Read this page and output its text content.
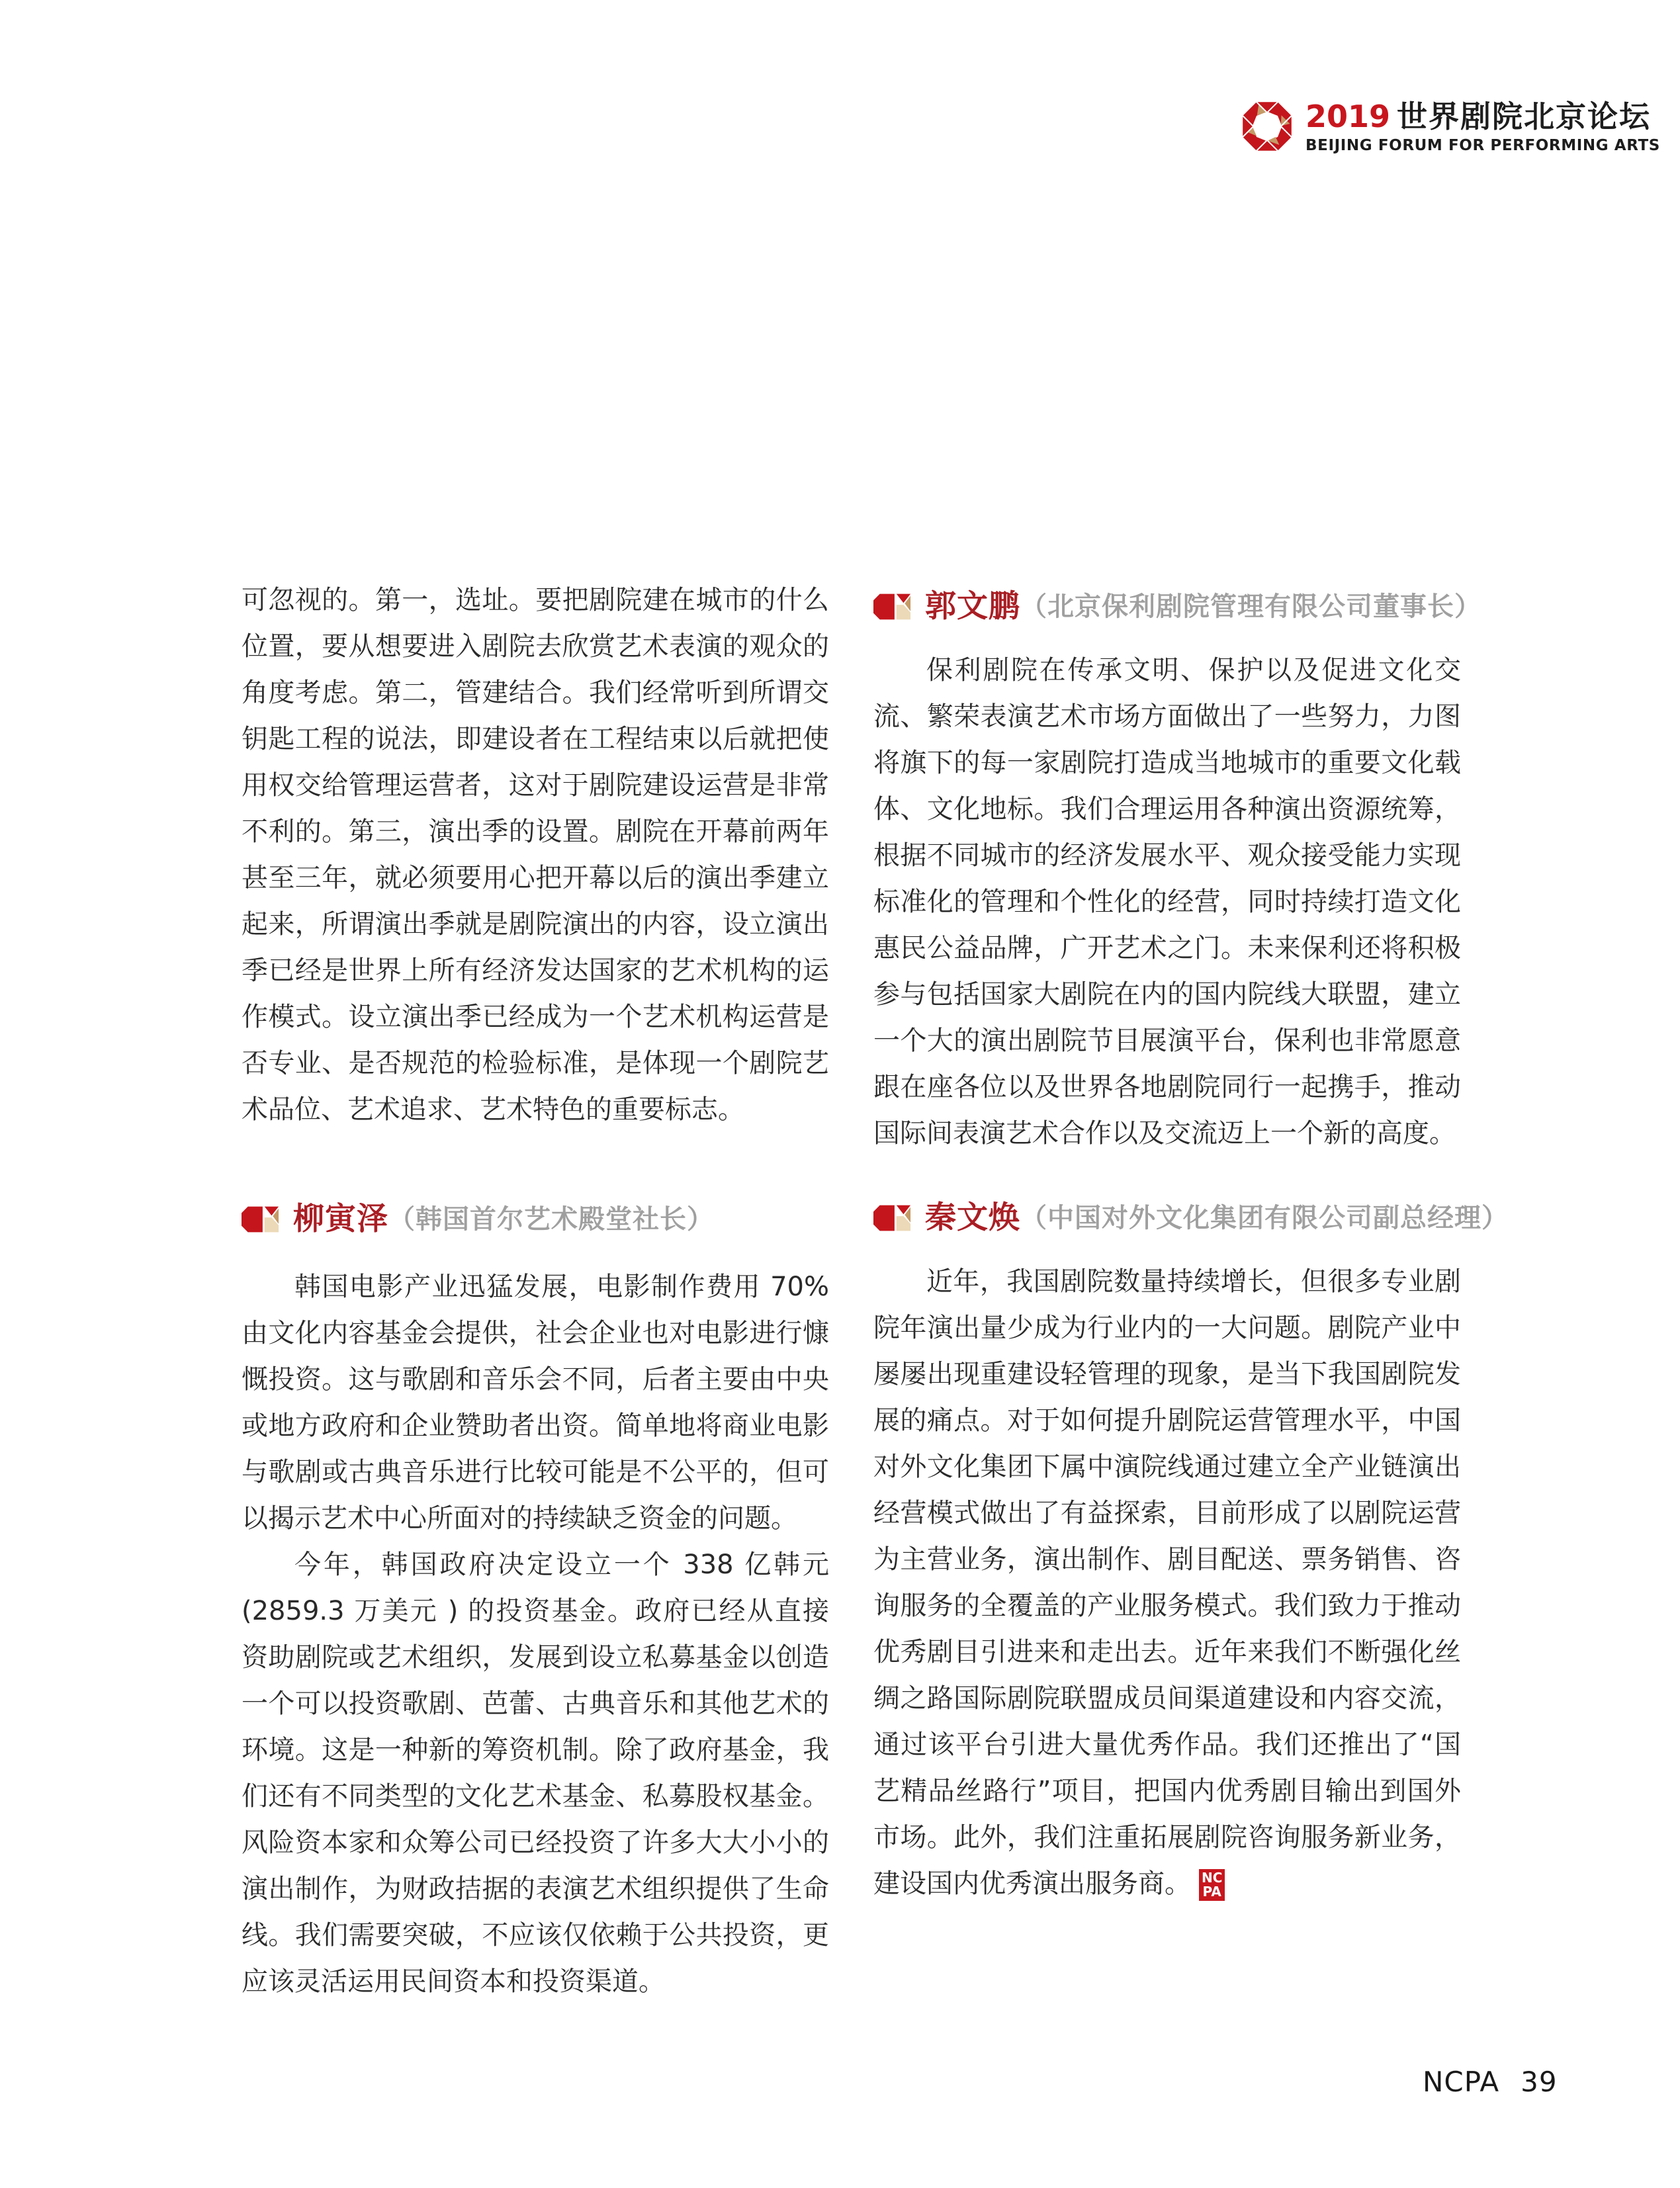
2019 世界剧院北京论坛
BEIJING FORUM FOR PERFORMING ARTS

可忽视的。第一，选址。要把剧院建在城市的什么位置，要从想要进入剧院去欣赏艺术表演的观众的角度考虑。第二，管建结合。我们经常听到所谓交钥匙工程的说法，即建设者在工程结束以后就把使用权交给管理运营者，这对于剧院建设运营是非常不利的。第三，演出季的设置。剧院在开幕前两年甚至三年，就必须要用心把开幕以后的演出季建立起来，所谓演出季就是剧院演出的内容，设立演出季已经是世界上所有经济发达国家的艺术机构的运作模式。设立演出季已经成为一个艺术机构运营是否专业、是否规范的检验标准，是体现一个剧院艺术品位、艺术追求、艺术特色的重要标志。

柳寅泽 （韩国首尔艺术殿堂社长）

韩国电影产业迅猛发展，电影制作费用 70% 由文化内容基金会提供，社会企业也对电影进行慷慨投资。这与歌剧和音乐会不同，后者主要由中央或地方政府和企业赞助者出资。简单地将商业电影与歌剧或古典音乐进行比较可能是不公平的，但可以揭示艺术中心所面对的持续缺乏资金的问题。

今年，韩国政府决定设立一个 338 亿韩元 (2859.3 万美元 ) 的投资基金。政府已经从直接资助剧院或艺术组织，发展到设立私募基金以创造一个可以投资歌剧、芭蕾、古典音乐和其他艺术的环境。这是一种新的筹资机制。除了政府基金，我们还有不同类型的文化艺术基金、私募股权基金。风险资本家和众筹公司已经投资了许多大大小小的演出制作，为财政拮据的表演艺术组织提供了生命线。我们需要突破，不应该仅依赖于公共投资，更应该灵活运用民间资本和投资渠道。

郭文鹏 （北京保利剧院管理有限公司董事长）

保利剧院在传承文明、保护以及促进文化交流、繁荣表演艺术市场方面做出了一些努力，力图将旗下的每一家剧院打造成当地城市的重要文化载体、文化地标。我们合理运用各种演出资源统筹，根据不同城市的经济发展水平、观众接受能力实现标准化的管理和个性化的经营，同时持续打造文化惠民公益品牌，广开艺术之门。未来保利还将积极参与包括国家大剧院在内的国内院线大联盟，建立一个大的演出剧院节目展演平台，保利也非常愿意跟在座各位以及世界各地剧院同行一起携手，推动国际间表演艺术合作以及交流迈上一个新的高度。

秦文焕 （中国对外文化集团有限公司副总经理）

近年，我国剧院数量持续增长，但很多专业剧院年演出量少成为行业内的一大问题。剧院产业中屡屡出现重建设轻管理的现象，是当下我国剧院发展的痛点。对于如何提升剧院运营管理水平，中国对外文化集团下属中演院线通过建立全产业链演出经营模式做出了有益探索，目前形成了以剧院运营为主营业务，演出制作、剧目配送、票务销售、咨询服务的全覆盖的产业服务模式。我们致力于推动优秀剧目引进来和走出去。近年来我们不断强化丝绸之路国际剧院联盟成员间渠道建设和内容交流，通过该平台引进大量优秀作品。我们还推出了“国艺精品丝路行”项目，把国内优秀剧目输出到国外市场。此外，我们注重拓展剧院咨询服务新业务，建设国内优秀演出服务商。 NC
PA

NCPA 39
